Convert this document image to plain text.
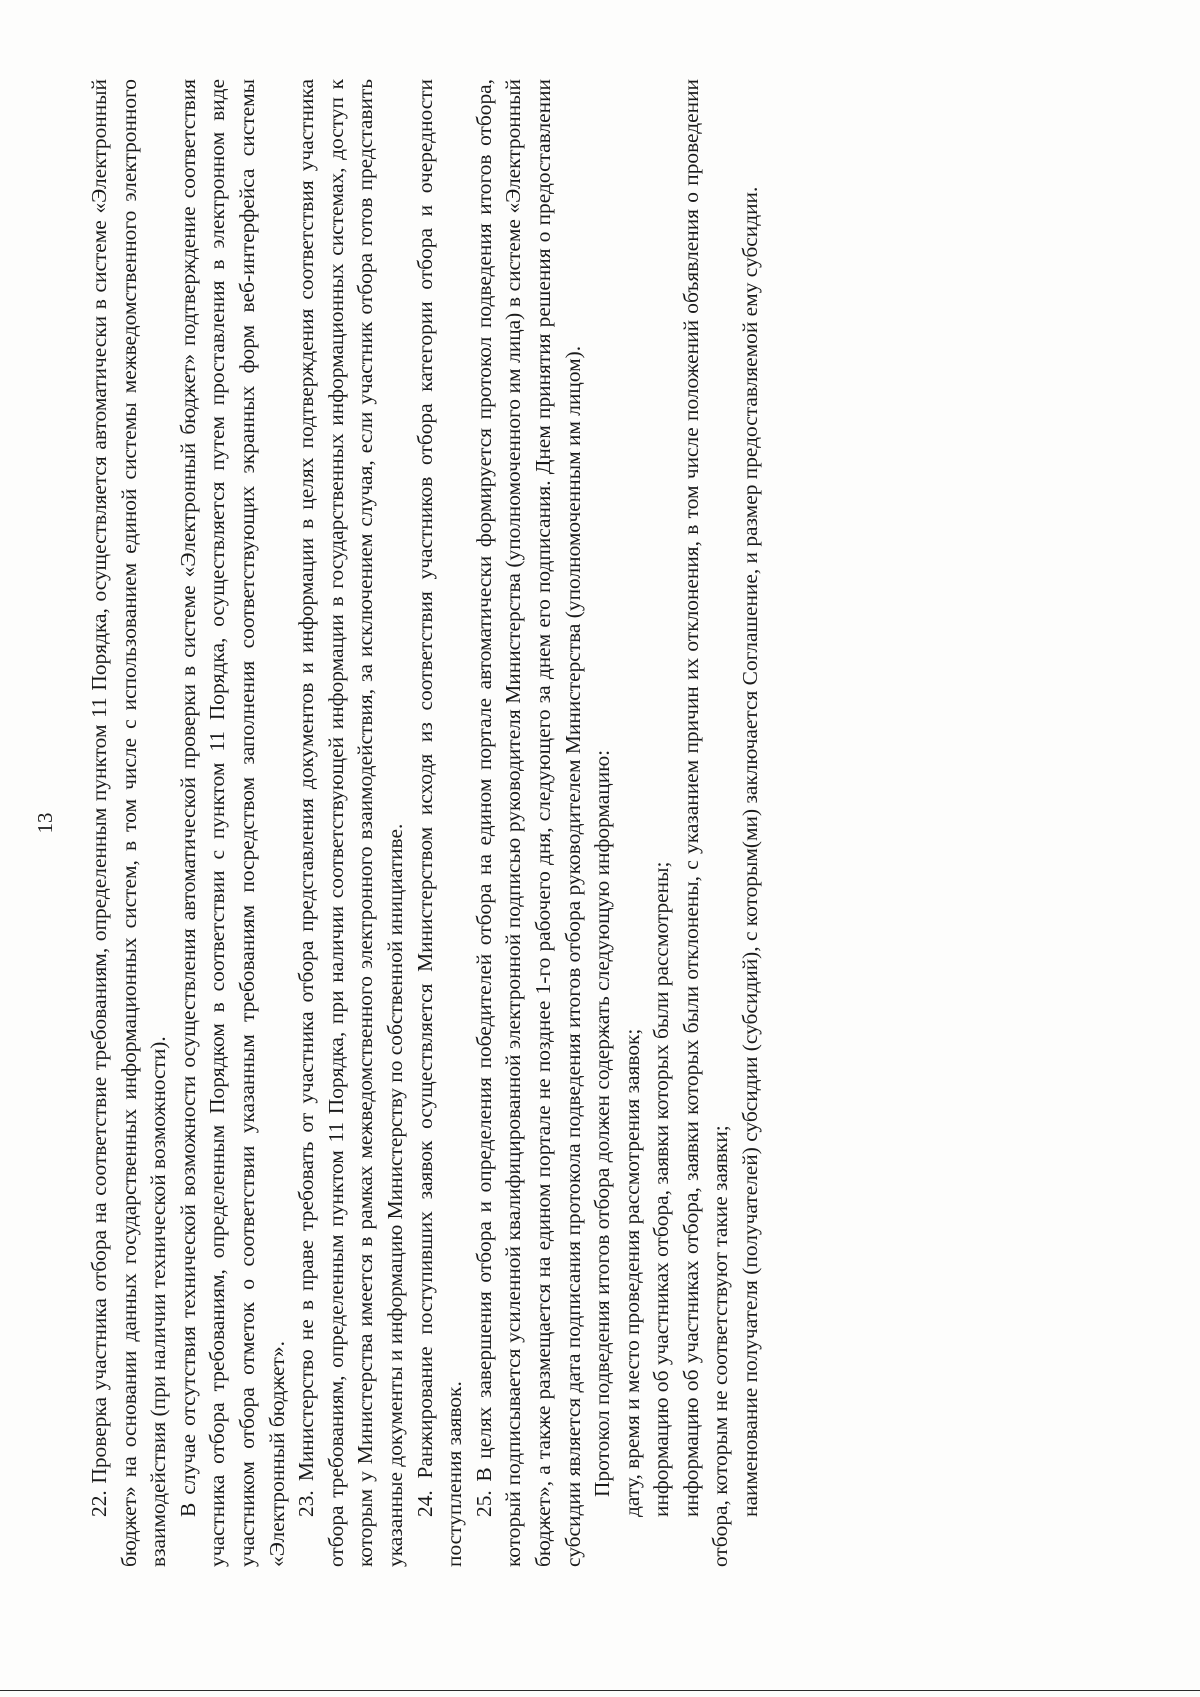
13 22. Проверка участника отбора на соответствие требованиям, определенным пунктом 11 Порядка, осуществляется автоматически в системе «Электронный бюджет» на основании данных государственных информационных систем, в том числе с использованием единой системы межведомственного электронного взаимодействия (при наличии технической возможности). В случае отсутствия технической возможности осуществления автоматической проверки в системе «Электронный бюджет» подтверждение соответствия участника отбора требованиям, определенным Порядком в соответствии с пунктом 11 Порядка, осуществляется путем проставления в электронном виде участником отбора отметок о соответствии указанным требованиям посредством заполнения соответствующих экранных форм веб-интерфейса системы «Электронный бюджет». 23. Министерство не в праве требовать от участника отбора представления документов и информации в целях подтверждения соответствия участника отбора требованиям, определенным пунктом 11 Порядка, при наличии соответствующей информации в государственных информационных системах, доступ к которым у Министерства имеется в рамках межведомственного электронного взаимодействия, за исключением случая, если участник отбора готов представить указанные документы и информацию Министерству по собственной инициативе. 24. Ранжирование поступивших заявок осуществляется Министерством исходя из соответствия участников отбора категории отбора и очередности поступления заявок. 25. В целях завершения отбора и определения победителей отбора на едином портале автоматически формируется протокол подведения итогов отбора, который подписывается усиленной квалифицированной электронной подписью руководителя Министерства (уполномоченного им лица) в системе «Электронный бюджет», а также размещается на едином портале не позднее 1-го рабочего дня, следующего за днем его подписания. Днем принятия решения о предоставлении субсидии является дата подписания протокола подведения итогов отбора руководителем Министерства (уполномоченным им лицом). Протокол подведения итогов отбора должен содержать следующую информацию: дату, время и место проведения рассмотрения заявок; информацию об участниках отбора, заявки которых были рассмотрены; информацию об участниках отбора, заявки которых были отклонены, с указанием причин их отклонения, в том числе положений объявления о проведении отбора, которым не соответствуют такие заявки; наименование получателя (получателей) субсидии (субсидий), с которым(ми) заключается Соглашение, и размер предоставляемой ему субсидии.
